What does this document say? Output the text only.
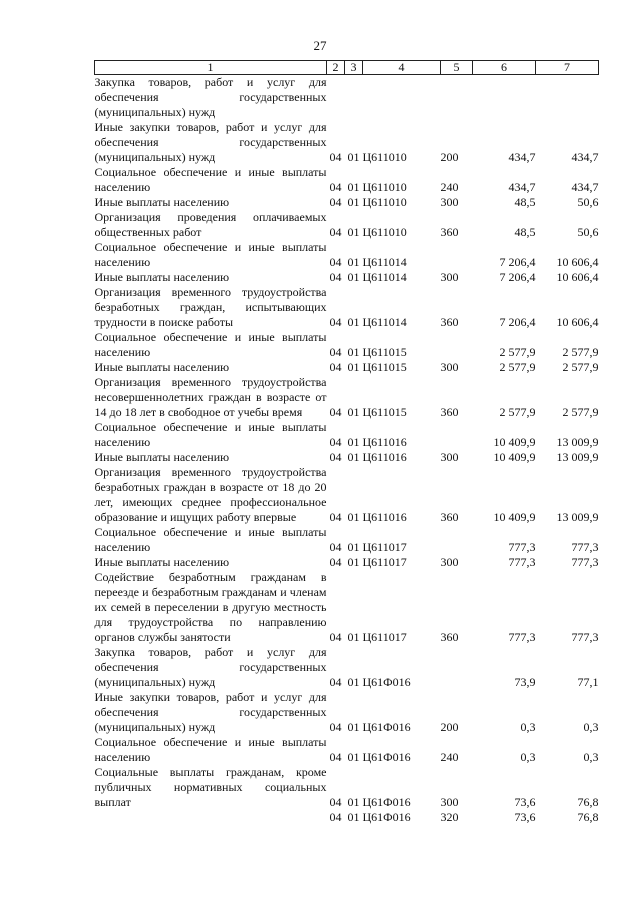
27
1	2	3	4	5	6	7
Закупка товаров, работ и услуг для обеспечения государственных (муниципальных) нужд						
Иные закупки товаров, работ и услуг для обеспечения государственных (муниципальных) нужд	04	01	Ц611010	200	434,7	434,7
Социальное обеспечение и иные выплаты населению	04	01	Ц611010	240	434,7	434,7
Иные выплаты населению	04	01	Ц611010	300	48,5	50,6
Организация проведения оплачиваемых общественных работ	04	01	Ц611010	360	48,5	50,6
Социальное обеспечение и иные выплаты населению	04	01	Ц611014		7 206,4	10 606,4
Иные выплаты населению	04	01	Ц611014	300	7 206,4	10 606,4
Организация временного трудоустройства безработных граждан, испытывающих трудности в поиске работы	04	01	Ц611014	360	7 206,4	10 606,4
Социальное обеспечение и иные выплаты населению	04	01	Ц611015		2 577,9	2 577,9
Иные выплаты населению	04	01	Ц611015	300	2 577,9	2 577,9
Организация временного трудоустройства несовершеннолетних граждан в возрасте от 14 до 18 лет в свободное от учебы время	04	01	Ц611015	360	2 577,9	2 577,9
Социальное обеспечение и иные выплаты населению	04	01	Ц611016		10 409,9	13 009,9
Иные выплаты населению	04	01	Ц611016	300	10 409,9	13 009,9
Организация временного трудоустройства безработных граждан в возрасте от 18 до 20 лет, имеющих среднее профессиональное образование и ищущих работу впервые	04	01	Ц611016	360	10 409,9	13 009,9
Социальное обеспечение и иные выплаты населению	04	01	Ц611017		777,3	777,3
Иные выплаты населению	04	01	Ц611017	300	777,3	777,3
Содействие безработным гражданам в переезде и безработным гражданам и членам их семей в переселении в другую местность для трудоустройства по направлению органов службы занятости	04	01	Ц611017	360	777,3	777,3
Закупка товаров, работ и услуг для обеспечения государственных (муниципальных) нужд	04	01	Ц61Ф016		73,9	77,1
Иные закупки товаров, работ и услуг для обеспечения государственных (муниципальных) нужд	04	01	Ц61Ф016	200	0,3	0,3
Социальное обеспечение и иные выплаты населению	04	01	Ц61Ф016	240	0,3	0,3
Социальные выплаты гражданам, кроме публичных нормативных социальных выплат	04	01	Ц61Ф016	300	73,6	76,8
	04	01	Ц61Ф016	320	73,6	76,8
